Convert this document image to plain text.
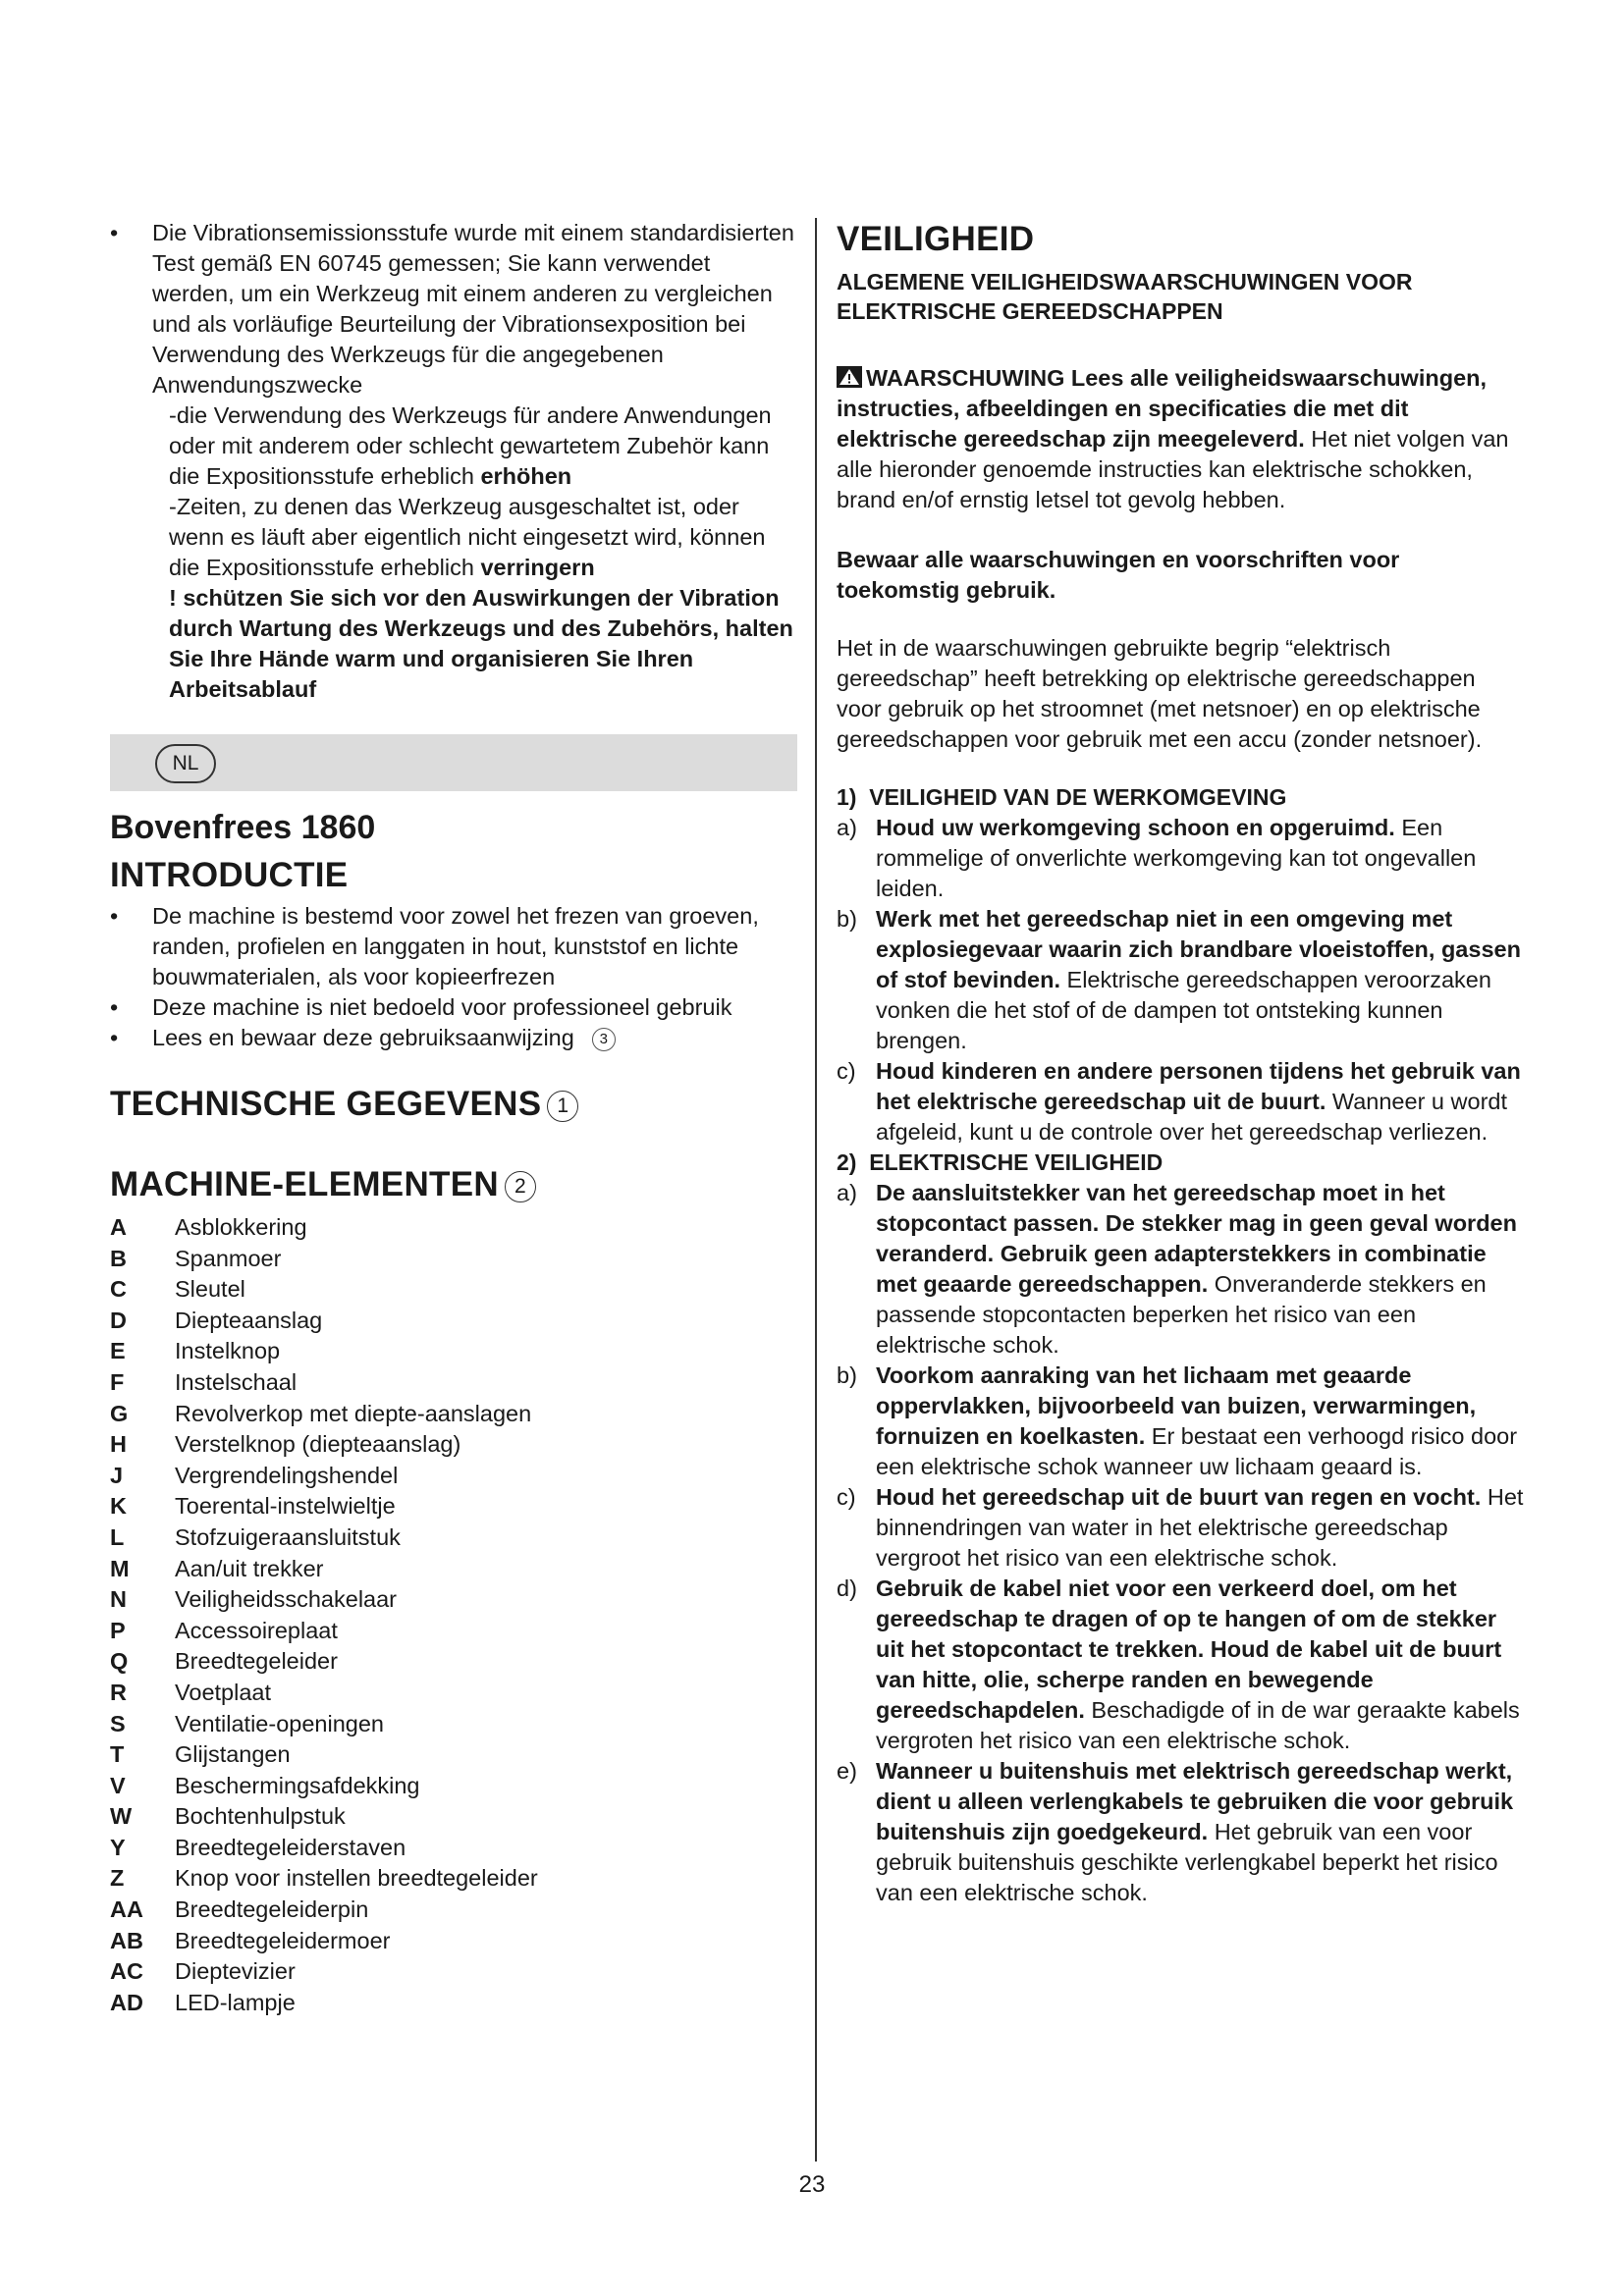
• Die Vibrationsemissionsstufe wurde mit einem standardisierten Test gemäß EN 60745 gemessen; Sie kann verwendet werden, um ein Werkzeug mit einem anderen zu vergleichen und als vorläufige Beurteilung der Vibrationsexposition bei Verwendung des Werkzeugs für die angegebenen Anwendungszwecke

-die Verwendung des Werkzeugs für andere Anwendungen oder mit anderem oder schlecht gewartetem Zubehör kann die Expositionsstufe erheblich erhöhen

-Zeiten, zu denen das Werkzeug ausgeschaltet ist, oder wenn es läuft aber eigentlich nicht eingesetzt wird, können die Expositionsstufe erheblich verringern

! schützen Sie sich vor den Auswirkungen der Vibration durch Wartung des Werkzeugs und des Zubehörs, halten Sie Ihre Hände warm und organisieren Sie Ihren Arbeitsablauf

NL
Bovenfrees 1860
INTRODUCTIE

• De machine is bestemd voor zowel het frezen van groeven, randen, profielen en langgaten in hout, kunststof en lichte bouwmaterialen, als voor kopieerfrezen

• Deze machine is niet bedoeld voor professioneel gebruik

• Lees en bewaar deze gebruiksaanwijzing 3

TECHNISCHE GEGEVENS 1
MACHINE-ELEMENTEN 2
A	Asblokkering
B	Spanmoer
C	Sleutel
D	Diepteaanslag
E	Instelknop
F	Instelschaal
G	Revolverkop met diepte-aanslagen
H	Verstelknop (diepteaanslag)
J	Vergrendelingshendel
K	Toerental-instelwieltje
L	Stofzuigeraansluitstuk
M	Aan/uit trekker
N	Veiligheidsschakelaar
P	Accessoireplaat
Q	Breedtegeleider
R	Voetplaat
S	Ventilatie-openingen
T	Glijstangen
V	Beschermingsafdekking
W	Bochtenhulpstuk
Y	Breedtegeleiderstaven
Z	Knop voor instellen breedtegeleider
AA	Breedtegeleiderpin
AB	Breedtegeleidermoer
AC	Dieptevizier
AD	LED-lampje
VEILIGHEID

ALGEMENE VEILIGHEIDSWAARSCHUWINGEN VOOR ELEKTRISCHE GEREEDSCHAPPEN

WAARSCHUWING Lees alle veiligheidswaarschuwingen, instructies, afbeeldingen en specificaties die met dit elektrische gereedschap zijn meegeleverd. Het niet volgen van alle hieronder genoemde instructies kan elektrische schokken, brand en/of ernstig letsel tot gevolg hebben.

Bewaar alle waarschuwingen en voorschriften voor toekomstig gebruik.

Het in de waarschuwingen gebruikte begrip “elektrisch gereedschap” heeft betrekking op elektrische gereedschappen voor gebruik op het stroomnet (met netsnoer) en op elektrische gereedschappen voor gebruik met een accu (zonder netsnoer).

1) VEILIGHEID VAN DE WERKOMGEVING

a) Houd uw werkomgeving schoon en opgeruimd. Een rommelige of onverlichte werkomgeving kan tot ongevallen leiden.

b) Werk met het gereedschap niet in een omgeving met explosiegevaar waarin zich brandbare vloeistoffen, gassen of stof bevinden. Elektrische gereedschappen veroorzaken vonken die het stof of de dampen tot ontsteking kunnen brengen.

c) Houd kinderen en andere personen tijdens het gebruik van het elektrische gereedschap uit de buurt. Wanneer u wordt afgeleid, kunt u de controle over het gereedschap verliezen.

2) ELEKTRISCHE VEILIGHEID

a) De aansluitstekker van het gereedschap moet in het stopcontact passen. De stekker mag in geen geval worden veranderd. Gebruik geen adapterstekkers in combinatie met geaarde gereedschappen. Onveranderde stekkers en passende stopcontacten beperken het risico van een elektrische schok.

b) Voorkom aanraking van het lichaam met geaarde oppervlakken, bijvoorbeeld van buizen, verwarmingen, fornuizen en koelkasten. Er bestaat een verhoogd risico door een elektrische schok wanneer uw lichaam geaard is.

c) Houd het gereedschap uit de buurt van regen en vocht. Het binnendringen van water in het elektrische gereedschap vergroot het risico van een elektrische schok.

d) Gebruik de kabel niet voor een verkeerd doel, om het gereedschap te dragen of op te hangen of om de stekker uit het stopcontact te trekken. Houd de kabel uit de buurt van hitte, olie, scherpe randen en bewegende gereedschapdelen. Beschadigde of in de war geraakte kabels vergroten het risico van een elektrische schok.

e) Wanneer u buitenshuis met elektrisch gereedschap werkt, dient u alleen verlengkabels te gebruiken die voor gebruik buitenshuis zijn goedgekeurd. Het gebruik van een voor gebruik buitenshuis geschikte verlengkabel beperkt het risico van een elektrische schok.

23
